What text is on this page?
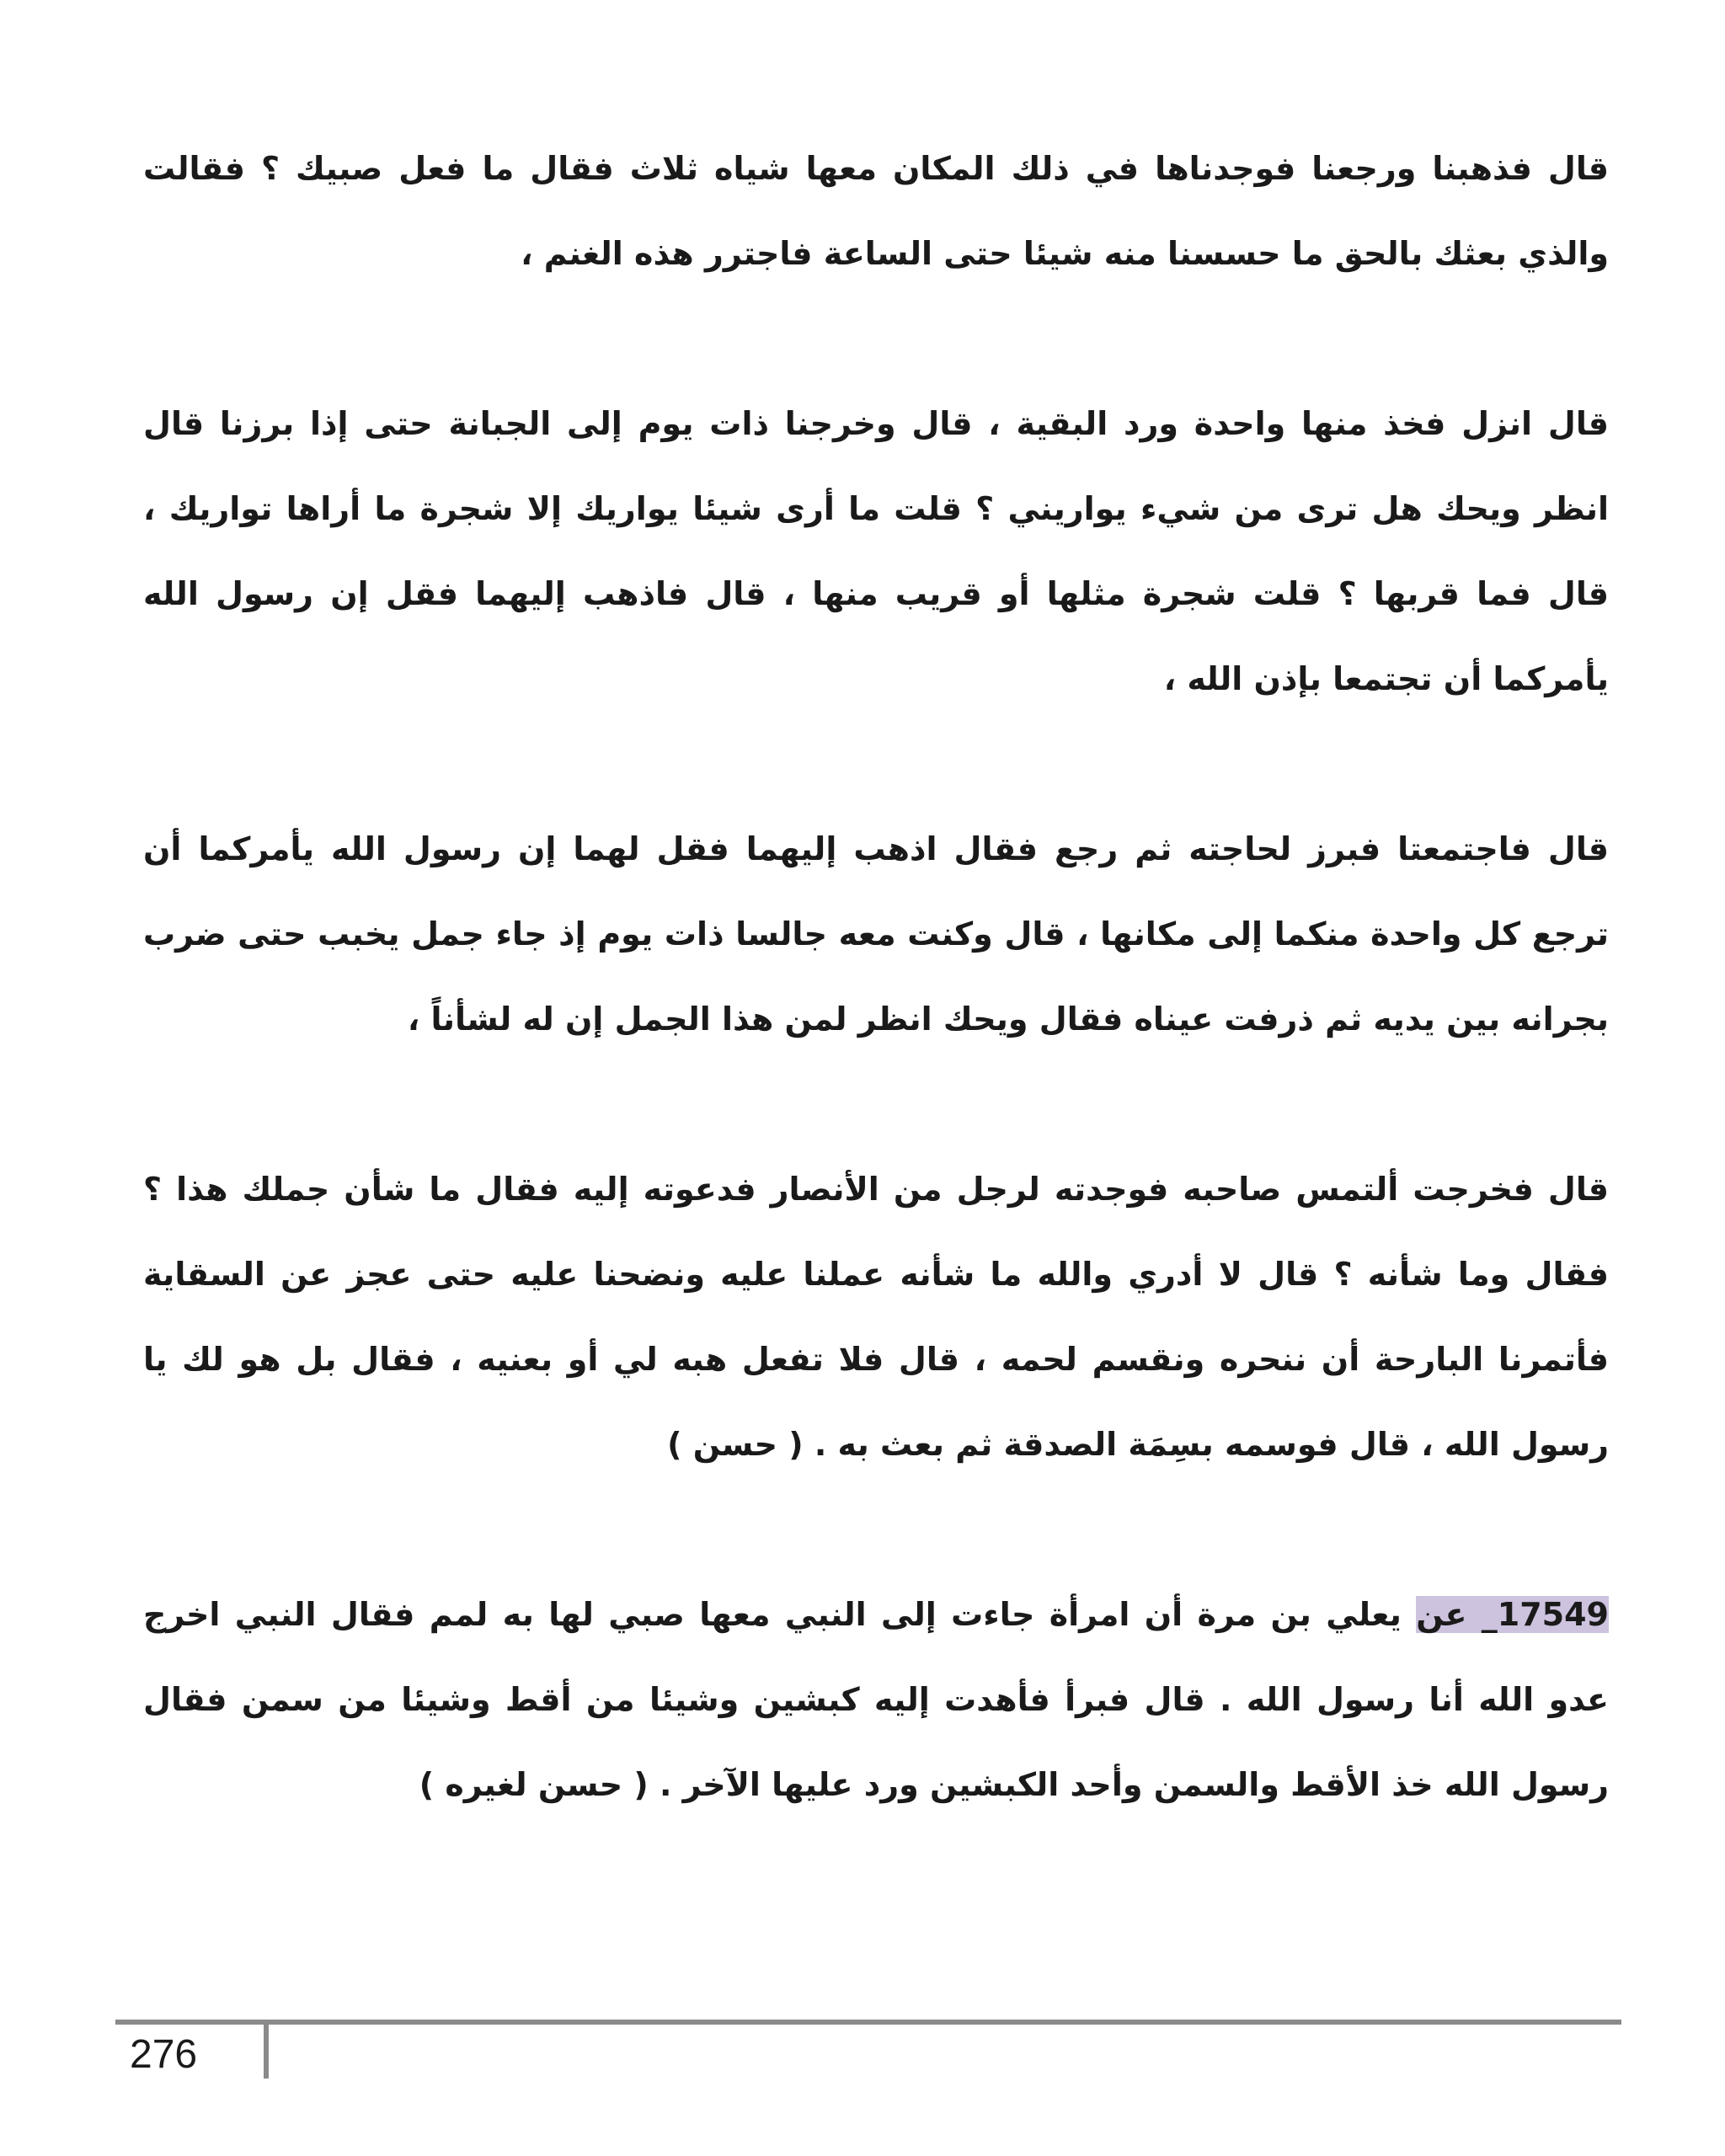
قال فذهبنا ورجعنا فوجدناها في ذلك المكان معها شياه ثلاث فقال ما فعل صبيك ؟ فقالت والذي بعثك بالحق ما حسسنا منه شيئا حتى الساعة فاجترر هذه الغنم ،

قال انزل فخذ منها واحدة ورد البقية ، قال وخرجنا ذات يوم إلى الجبانة حتى إذا برزنا قال انظر ويحك هل ترى من شيء يواريني ؟ قلت ما أرى شيئا يواريك إلا شجرة ما أراها تواريك ، قال فما قربها ؟ قلت شجرة مثلها أو قريب منها ، قال فاذهب إليهما فقل إن رسول الله يأمركما أن تجتمعا بإذن الله ،

قال فاجتمعتا فبرز لحاجته ثم رجع فقال اذهب إليهما فقل لهما إن رسول الله يأمركما أن ترجع كل واحدة منكما إلى مكانها ، قال وكنت معه جالسا ذات يوم إذ جاء جمل يخبب حتى ضرب بجرانه بين يديه ثم ذرفت عيناه فقال ويحك انظر لمن هذا الجمل إن له لشأناً ،

قال فخرجت ألتمس صاحبه فوجدته لرجل من الأنصار فدعوته إليه فقال ما شأن جملك هذا ؟ فقال وما شأنه ؟ قال لا أدري والله ما شأنه عملنا عليه ونضحنا عليه حتى عجز عن السقاية فأتمرنا البارحة أن ننحره ونقسم لحمه ، قال فلا تفعل هبه لي أو بعنيه ، فقال بل هو لك يا رسول الله ، قال فوسمه بسِمَة الصدقة ثم بعث به . ( حسن )

17549_ عن يعلي بن مرة أن امرأة جاءت إلى النبي معها صبي لها به لمم فقال النبي اخرج عدو الله أنا رسول الله . قال فبرأ فأهدت إليه كبشين وشيئا من أقط وشيئا من سمن فقال رسول الله خذ الأقط والسمن وأحد الكبشين ورد عليها الآخر . ( حسن لغيره )

276
